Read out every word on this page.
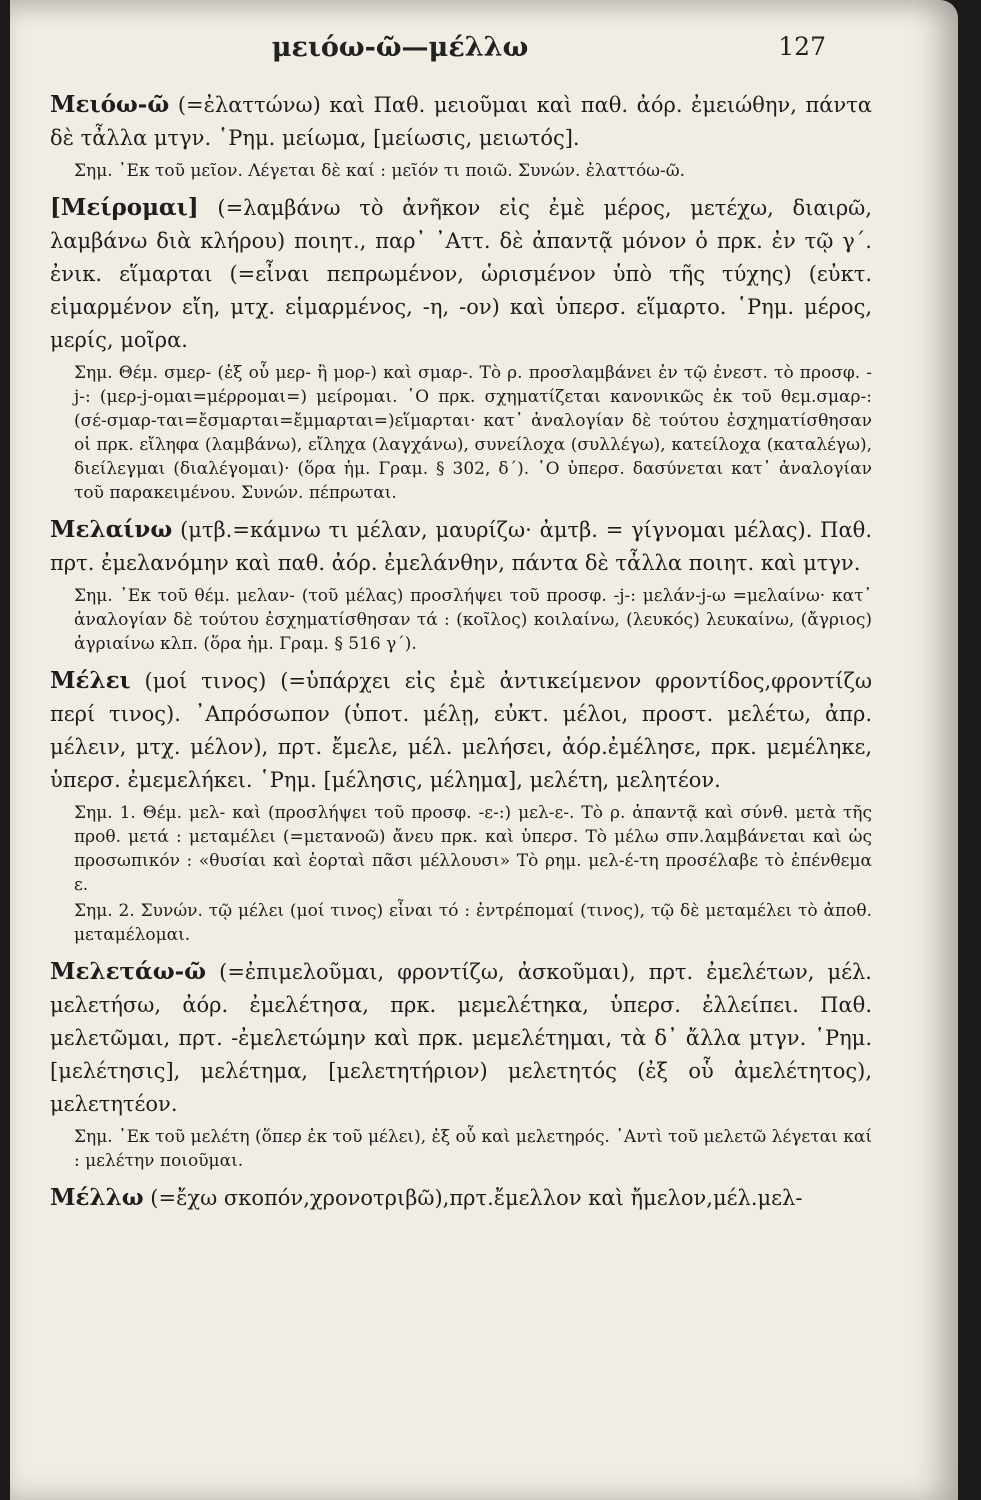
μειόω-ῶ—μέλλω	127
Μειόω-ῶ (=ἐλαττώνω) καὶ Παθ. μειοῦμαι καὶ παθ. ἀόρ. ἐμειώθην, πάντα δὲ τἆλλα μτγν. ῾Ρημ. μείωμα, [μείωσις, μειωτός].
Σημ. ᾿Εκ τοῦ μεῖον. Λέγεται δὲ καί : μεῖόν τι ποιῶ. Συνών. ἐλαττόω-ῶ.
[Μείρομαι] (=λαμβάνω τὸ ἀνῆκον εἰς ἐμὲ μέρος, μετέχω, διαιρῶ, λαμβάνω διὰ κλήρου) ποιητ., παρ᾿ ᾿Αττ. δὲ ἀπαντᾷ μόνον ὁ πρκ. ἐν τῷ γ΄. ἐνικ. εἵμαρται (=εἶναι πεπρωμένον, ὡρισμένον ὑπὸ τῆς τύχης) (εὐκτ. εἱμαρμένον εἴη, μτχ. εἱμαρμένος, -η, -ον) καὶ ὑπερσ. εἵμαρτο. ῾Ρημ. μέρος, μερίς, μοῖρα.
Σημ. Θέμ. σμερ- (ἐξ οὗ μερ- ἢ μορ-) καὶ σμαρ-. Τὸ ρ. προσλαμβάνει ἐν τῷ ἐνεστ. τὸ προσφ. -j-: (μερ-j-ομαι=μέρρομαι=) μείρομαι. ῾Ο πρκ. σχηματίζεται κανονικῶς ἐκ τοῦ θεμ.σμαρ-: (σέ-σμαρ-ται=ἔσμαρται=ἔμμαρται=)εἵμαρται· κατ᾿ ἀναλογίαν δὲ τούτου ἐσχηματίσθησαν οἱ πρκ. εἴληφα (λαμβάνω), εἴληχα (λαγχάνω), συνείλοχα (συλλέγω), κατείλοχα (καταλέγω), διείλεγμαι (διαλέγομαι)· (ὅρα ἡμ. Γραμ. § 302, δ΄). ῾Ο ὑπερσ. δασύνεται κατ᾿ ἀναλογίαν τοῦ παρακειμένου. Συνών. πέπρωται.
Μελαίνω (μτβ.=κάμνω τι μέλαν, μαυρίζω· ἀμτβ. = γίγνομαι μέλας). Παθ. πρτ. ἐμελανόμην καὶ παθ. ἀόρ. ἐμελάνθην, πάντα δὲ τἆλλα ποιητ. καὶ μτγν.
Σημ. ᾿Εκ τοῦ θέμ. μελαν- (τοῦ μέλας) προσλήψει τοῦ προσφ. -j-: μελάν-j-ω =μελαίνω· κατ᾿ ἀναλογίαν δὲ τούτου ἐσχηματίσθησαν τά : (κοῖλος) κοιλαίνω, (λευκός) λευκαίνω, (ἄγριος) ἀγριαίνω κλπ. (ὅρα ἡμ. Γραμ. § 516 γ΄).
Μέλει (μοί τινος) (=ὑπάρχει εἰς ἐμὲ ἀντικείμενον φροντίδος,φροντίζω περί τινος). ᾿Απρόσωπον (ὑποτ. μέλῃ, εὐκτ. μέλοι, προστ. μελέτω, ἀπρ. μέλειν, μτχ. μέλον), πρτ. ἔμελε, μέλ. μελήσει, ἀόρ.ἐμέλησε, πρκ. μεμέληκε, ὑπερσ. ἐμεμελήκει. ῾Ρημ. [μέλησις, μέλημα], μελέτη, μελητέον.
Σημ. 1. Θέμ. μελ- καὶ (προσλήψει τοῦ προσφ. -ε-:) μελ-ε-. Τὸ ρ. ἀπαντᾷ καὶ σύνθ. μετὰ τῆς προθ. μετά : μεταμέλει (=μετανοῶ) ἄνευ πρκ. καὶ ὑπερσ. Τὸ μέλω σπν.λαμβάνεται καὶ ὡς προσωπικόν : «θυσίαι καὶ ἑορταὶ πᾶσι μέλλουσι» Τὸ ρημ. μελ-έ-τη προσέλαβε τὸ ἐπένθεμα ε.
Σημ. 2. Συνών. τῷ μέλει (μοί τινος) εἶναι τό : ἐντρέπομαί (τινος), τῷ δὲ μεταμέλει τὸ ἀποθ. μεταμέλομαι.
Μελετάω-ῶ (=ἐπιμελοῦμαι, φροντίζω, ἀσκοῦμαι), πρτ. ἐμελέτων, μέλ. μελετήσω, ἀόρ. ἐμελέτησα, πρκ. μεμελέτηκα, ὑπερσ. ἐλλείπει. Παθ. μελετῶμαι, πρτ. -ἐμελετώμην καὶ πρκ. μεμελέτημαι, τὰ δ᾿ ἄλλα μτγν. ῾Ρημ. [μελέτησις], μελέτημα, [μελετητήριον) μελετητός (ἐξ οὗ ἀμελέτητος), μελετητέον.
Σημ. ᾿Εκ τοῦ μελέτη (ὅπερ ἐκ τοῦ μέλει), ἐξ οὗ καὶ μελετηρός. ᾿Αντὶ τοῦ μελετῶ λέγεται καί : μελέτην ποιοῦμαι.
Μέλλω (=ἔχω σκοπόν,χρονοτριβῶ),πρτ.ἔμελλον καὶ ἤμελον,μέλ.μελ-
